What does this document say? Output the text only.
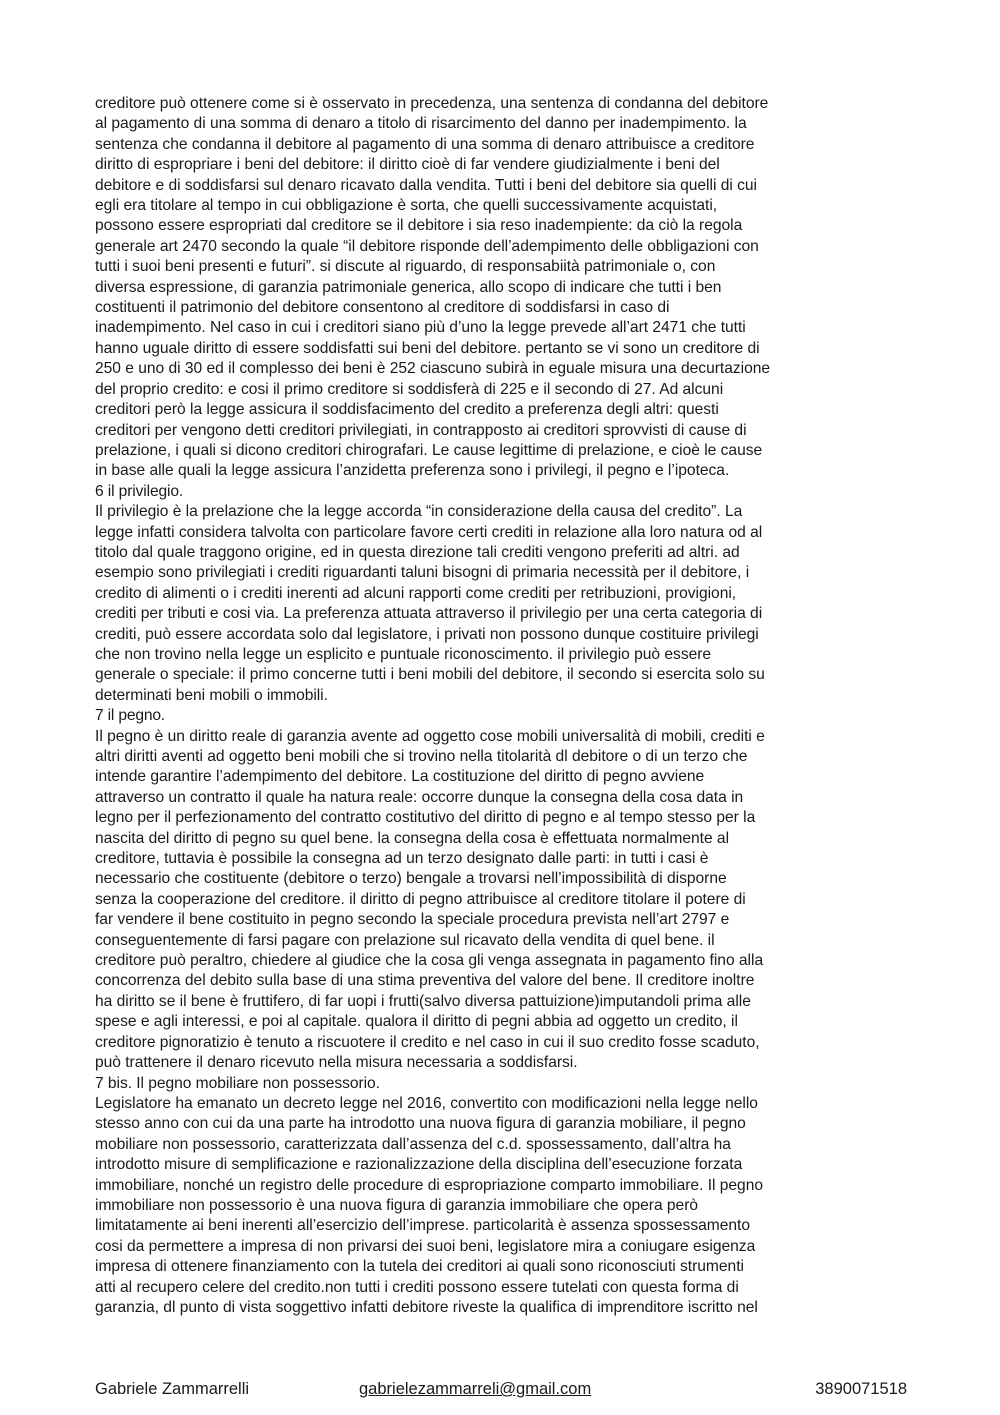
creditore può ottenere come si è osservato in precedenza, una sentenza di condanna del debitore
al pagamento di una somma di denaro a titolo di risarcimento del danno per inadempimento. la
sentenza che condanna il debitore al pagamento di una somma di denaro attribuisce a creditore
diritto di espropriare i beni del debitore: il diritto cioè di far vendere giudizialmente i beni del
debitore e di soddisfarsi sul denaro ricavato dalla vendita. Tutti i beni del debitore sia quelli di cui
egli era titolare al tempo in cui obbligazione è sorta, che quelli successivamente acquistati,
possono essere espropriati dal creditore se il debitore i sia reso inadempiente: da ciò la regola
generale art 2470 secondo la quale “il debitore risponde dell’adempimento delle obbligazioni con
tutti i suoi beni presenti e futuri”. si discute al riguardo, di responsabiità patrimoniale o, con
diversa espressione, di garanzia patrimoniale generica, allo scopo di indicare che tutti i ben
costituenti il patrimonio del debitore consentono al creditore di soddisfarsi in caso di
inadempimento. Nel caso in cui i creditori siano più d’uno la legge prevede all’art 2471 che tutti
hanno uguale diritto di essere soddisfatti sui beni del debitore. pertanto se vi sono un creditore di
250 e uno di 30 ed il complesso dei beni è 252 ciascuno subirà in eguale misura una decurtazione
del proprio credito: e cosi il primo creditore si soddisferà di 225 e il secondo di 27. Ad alcuni
creditori però la legge assicura il soddisfacimento del credito a preferenza degli altri: questi
creditori per vengono detti creditori privilegiati, in contrapposto ai creditori sprovvisti di cause di
prelazione, i quali si dicono creditori chirografari. Le cause legittime di prelazione, e cioè le cause
in base alle quali la legge assicura l’anzidetta preferenza sono i privilegi, il pegno e l’ipoteca.
6 il privilegio.
Il privilegio è la prelazione che la legge accorda “in considerazione della causa del credito”. La
legge infatti considera talvolta con particolare favore certi crediti in relazione alla loro natura od al
titolo dal quale traggono origine, ed in questa direzione tali crediti vengono preferiti ad altri. ad
esempio sono privilegiati i crediti riguardanti taluni bisogni di primaria necessità per il debitore, i
credito di alimenti o i crediti inerenti ad alcuni rapporti come crediti per retribuzioni, provigioni,
crediti per tributi e cosi via. La preferenza attuata attraverso il privilegio per una certa categoria di
crediti, può essere accordata solo dal legislatore, i privati non possono dunque costituire privilegi
che non trovino nella legge un esplicito e puntuale riconoscimento. il privilegio può essere
generale o speciale: il primo concerne tutti i beni mobili del debitore, il secondo si esercita solo su
determinati beni mobili o immobili.
7 il pegno.
Il pegno è un diritto reale di garanzia avente ad oggetto cose mobili universalità di mobili, crediti e
altri diritti aventi ad oggetto beni mobili che si trovino nella titolarità dl debitore o di un terzo che
intende garantire l’adempimento del debitore. La costituzione del diritto di pegno avviene
attraverso un contratto il quale ha natura reale: occorre dunque la consegna della cosa data in
legno per il perfezionamento del contratto costitutivo del diritto di pegno e al tempo stesso per la
nascita del diritto di pegno su quel bene. la consegna della cosa è effettuata normalmente al
creditore, tuttavia è possibile la consegna ad un terzo designato dalle parti: in tutti i casi è
necessario che costituente (debitore o terzo) bengale a trovarsi nell’impossibilità di disporne
senza la cooperazione del creditore. il diritto di pegno attribuisce al creditore titolare il potere di
far vendere il bene costituito in pegno secondo la speciale procedura prevista nell’art 2797 e
conseguentemente di farsi pagare con prelazione sul ricavato della vendita di quel bene. il
creditore può peraltro, chiedere al giudice che la cosa gli venga assegnata in pagamento fino alla
concorrenza del debito sulla base di una stima preventiva del valore del bene. Il creditore inoltre
ha diritto se il bene è fruttifero, di far uopi i frutti(salvo diversa pattuizione)imputandoli prima alle
spese e agli interessi, e poi al capitale. qualora il diritto di pegni abbia ad oggetto un credito, il
creditore pignoratizio è tenuto a riscuotere il credito e nel caso in cui il suo credito fosse scaduto,
può trattenere il denaro ricevuto nella misura necessaria a soddisfarsi.
7 bis. Il pegno mobiliare non possessorio.
Legislatore ha emanato un decreto legge nel 2016, convertito con modificazioni nella legge nello
stesso anno con cui da una parte ha introdotto una nuova figura di garanzia mobiliare, il pegno
mobiliare non possessorio, caratterizzata dall’assenza del c.d. spossessamento, dall’altra ha
introdotto misure di semplificazione e razionalizzazione della disciplina dell’esecuzione forzata
immobiliare, nonché un registro delle procedure di espropriazione comparto immobiliare. Il pegno
immobiliare non possessorio è una nuova figura di garanzia immobiliare che opera però
limitatamente ai beni inerenti all’esercizio dell’imprese. particolarità è assenza spossessamento
cosi da permettere a impresa di non privarsi dei suoi beni, legislatore mira a coniugare esigenza
impresa di ottenere finanziamento con la tutela dei creditori ai quali sono riconosciuti strumenti
atti al recupero celere del credito.non tutti i crediti possono essere tutelati con questa forma di
garanzia, dl punto di vista soggettivo infatti debitore riveste la qualifica di imprenditore iscritto nel
Gabriele Zammarrelli	gabrielezammarreli@gmail.com	3890071518
